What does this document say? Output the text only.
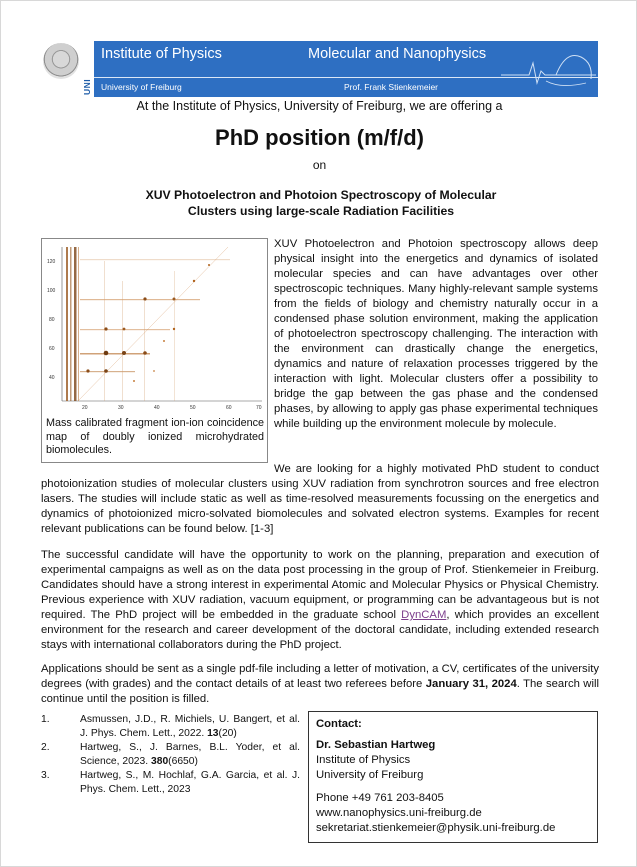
UNI
Institute of Physics	Molecular and Nanophysics
University of Freiburg	Prof. Frank Stienkemeier
At the Institute of Physics, University of Freiburg, we are offering a
PhD position (m/f/d)
on
XUV Photoelectron and Photoion Spectroscopy of Molecular Clusters using large-scale Radiation Facilities
120
100
80
60
40
20	30	40	50	60	70
Mass calibrated fragment ion-ion coincidence map of doubly ionized microhydrated biomolecules.

XUV Photoelectron and Photoion spectroscopy allows deep physical insight into the energetics and dynamics of isolated molecular species and can have advantages over other spectroscopic techniques. Many highly-relevant sample systems from the fields of biology and chemistry naturally occur in a condensed phase solution environment, making the application of photoelectron spectroscopy challenging. The interaction with the environment can drastically change the energetics, dynamics and nature of relaxation processes triggered by the interaction with light. Molecular clusters offer a possibility to bridge the gap between the gas phase and the condensed phases, by allowing to apply gas phase experimental techniques while building up the environment molecule by molecule.

We are looking for a highly motivated PhD student to conduct photoionization studies of molecular clusters using XUV radiation from synchrotron sources and free electron lasers. The studies will include static as well as time-resolved measurements focussing on the energetics and dynamics of photoionized micro-solvated biomolecules and solvated electron systems. Examples for recent relevant publications can be found below. [1-3]

The successful candidate will have the opportunity to work on the planning, preparation and execution of experimental campaigns as well as on the data post processing in the group of Prof. Stienkemeier in Freiburg. Candidates should have a strong interest in experimental Atomic and Molecular Physics or Physical Chemistry. Previous experience with XUV radiation, vacuum equipment, or programming can be advantageous but is not required. The PhD project will be embedded in the graduate school DynCAM, which provides an excellent environment for the research and career development of the doctoral candidate, including extended research stays with international collaborators during the PhD project.

Applications should be sent as a single pdf-file including a letter of motivation, a CV, certificates of the university degrees (with grades) and the contact details of at least two referees before January 31, 2024. The search will continue until the position is filled.

1.	Asmussen, J.D., R. Michiels, U. Bangert, et al. J. Phys. Chem. Lett., 2022. 13(20)
2.	Hartweg, S., J. Barnes, B.L. Yoder, et al. Science, 2023. 380(6650)
3.	Hartweg, S., M. Hochlaf, G.A. Garcia, et al. J. Phys. Chem. Lett., 2023
Contact:
Dr. Sebastian Hartweg
Institute of Physics
University of Freiburg
Phone +49 761 203-8405
www.nanophysics.uni-freiburg.de
sekretariat.stienkemeier@physik.uni-freiburg.de
